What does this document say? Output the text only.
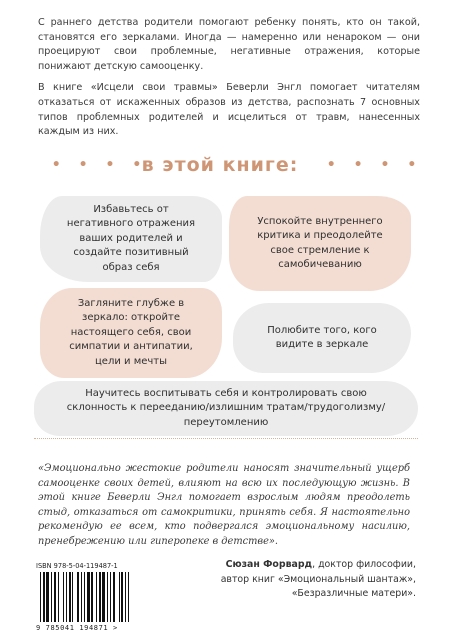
С раннего детства родители помогают ребенку понять, кто он такой, становятся его зеркалами. Иногда — намеренно или ненароком — они проецируют свои проблемные, негативные отражения, которые понижают детскую самооценку.

В книге «Исцели свои травмы» Беверли Энгл помогает читателям отказаться от искаженных образов из детства, распознать 7 основных типов проблемных родителей и исцелиться от травм, нанесенных каждым из них.

• • • •
в этой книге:	• • • •
Избавьтесь от негативного отражения ваших родителей и создайте позитивный образ себя
Успокойте внутреннего критика и преодолейте свое стремление к самобичеванию
Загляните глубже в зеркало: откройте настоящего себя, свои симпатии и антипатии, цели и мечты
Полюбите того, кого видите в зеркале
Научитесь воспитывать себя и контролировать свою склонность к перееданию/излишним тратам/трудоголизму/переутомлению
«Эмоционально жестокие родители наносят значительный ущерб самооценке своих детей, влияют на всю их последующую жизнь. В этой книге Беверли Энгл помогает взрослым людям преодолеть стыд, отказаться от самокритики, принять себя. Я настоятельно рекомендую ее всем, кто подвергался эмоциональному насилию, пренебрежению или гиперопеке в детстве».
Сюзан Форвард, доктор философии,
автор книг «Эмоциональный шантаж»,
«Безразличные матери».
ISBN 978-5-04-119487-1
9 785041 194871 >
